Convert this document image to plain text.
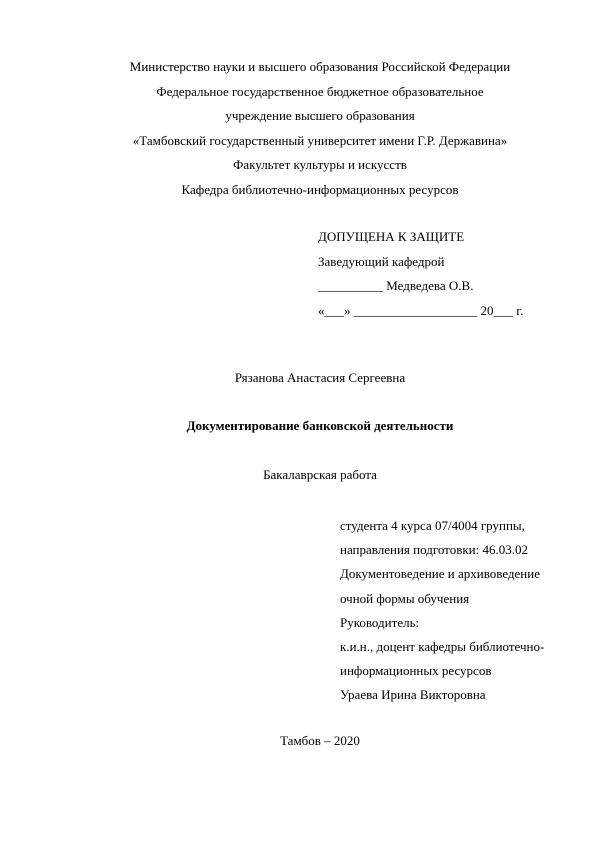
Министерство науки и высшего образования Российской Федерации
Федеральное государственное бюджетное образовательное
учреждение высшего образования
«Тамбовский государственный университет имени Г.Р. Державина»
Факультет культуры и искусств
Кафедра библиотечно-информационных ресурсов
ДОПУЩЕНА К ЗАЩИТЕ
Заведующий кафедрой
__________ Медведева О.В.
«___» ___________________ 20___ г.
Рязанова Анастасия Сергеевна
Документирование банковской деятельности
Бакалаврская работа
студента 4 курса 07/4004 группы,
направления подготовки: 46.03.02
Документоведение и архивоведение
очной формы обучения
Руководитель:
к.и.н., доцент кафедры библиотечно-
информационных ресурсов
Ураева Ирина Викторовна
Тамбов – 2020
